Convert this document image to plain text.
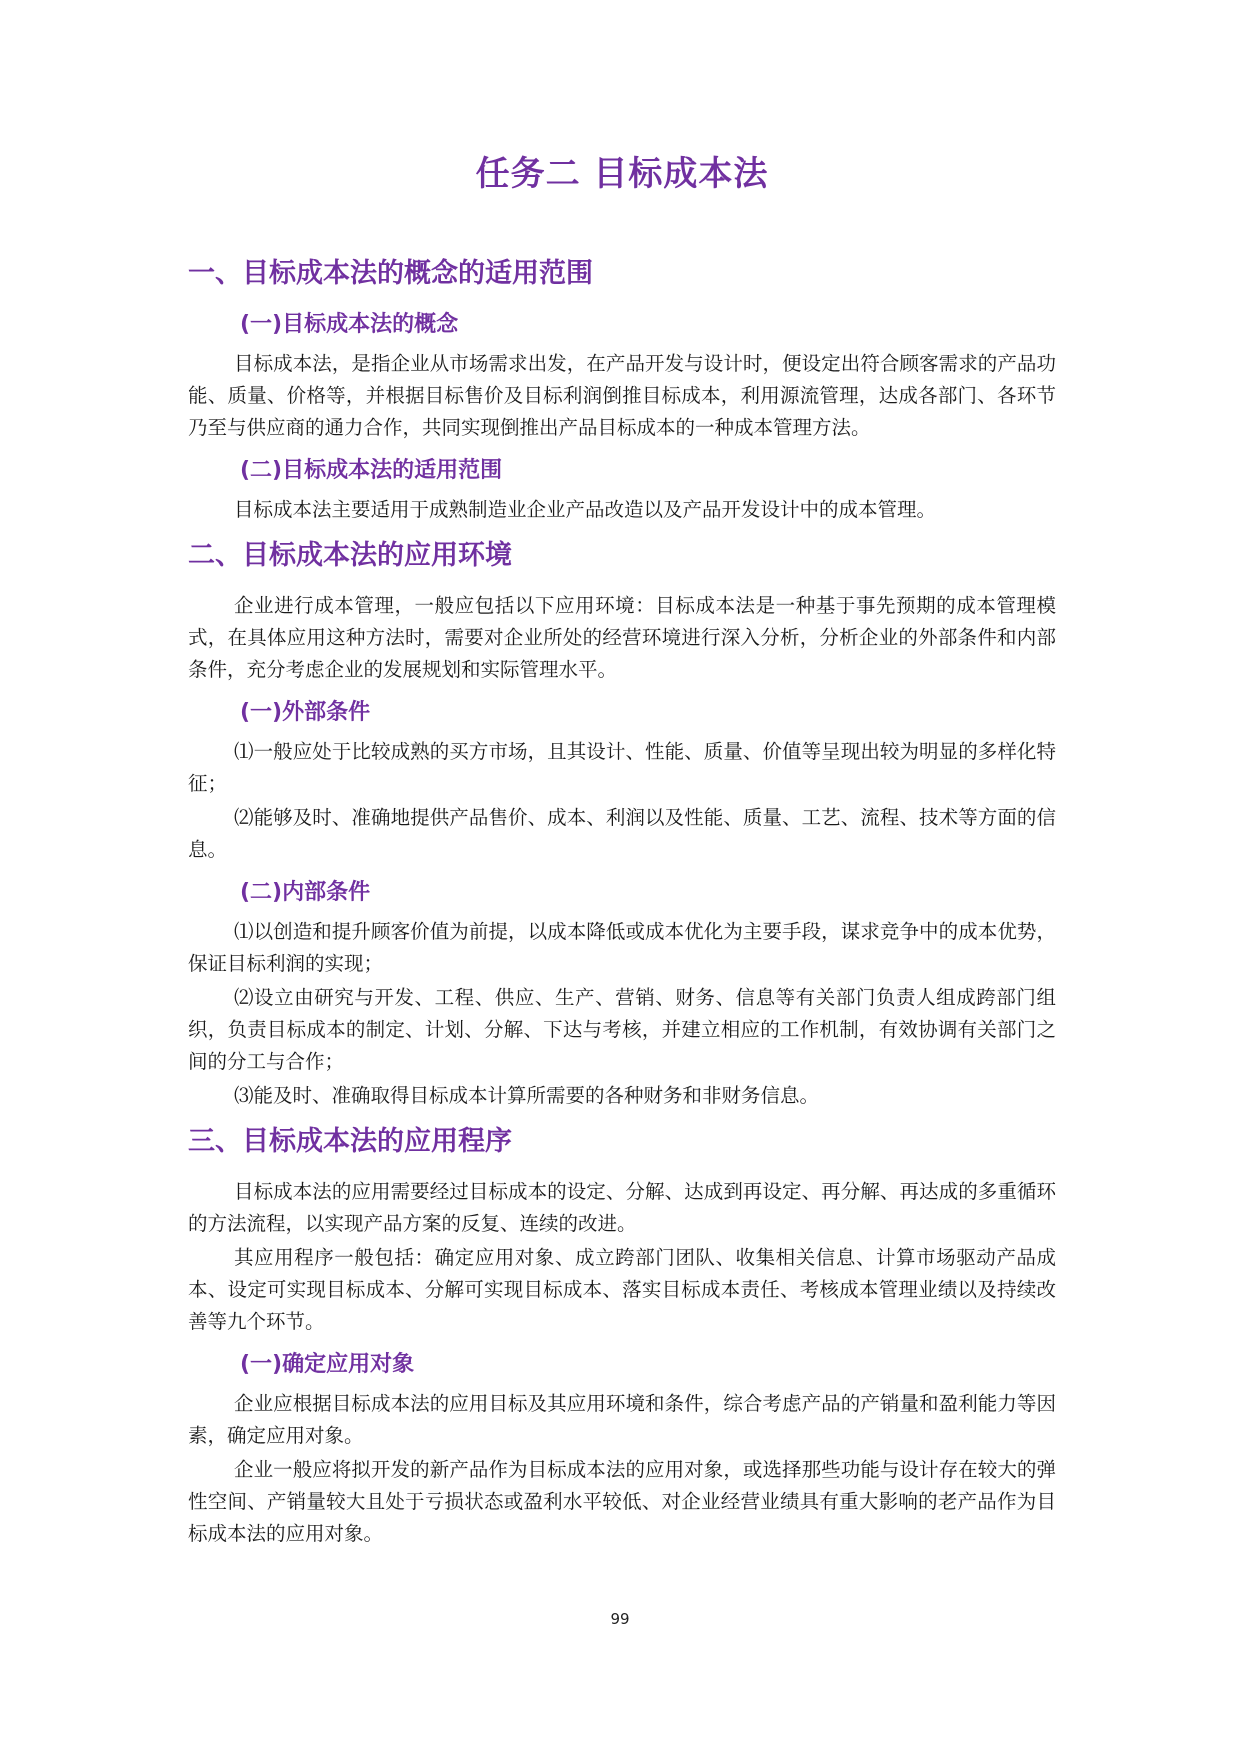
任务二 目标成本法
一、目标成本法的概念的适用范围
(一)目标成本法的概念
目标成本法，是指企业从市场需求出发，在产品开发与设计时，便设定出符合顾客需求的产品功能、质量、价格等，并根据目标售价及目标利润倒推目标成本，利用源流管理，达成各部门、各环节乃至与供应商的通力合作，共同实现倒推出产品目标成本的一种成本管理方法。
(二)目标成本法的适用范围
目标成本法主要适用于成熟制造业企业产品改造以及产品开发设计中的成本管理。
二、目标成本法的应用环境
企业进行成本管理，一般应包括以下应用环境：目标成本法是一种基于事先预期的成本管理模式，在具体应用这种方法时，需要对企业所处的经营环境进行深入分析，分析企业的外部条件和内部条件，充分考虑企业的发展规划和实际管理水平。
(一)外部条件
⑴一般应处于比较成熟的买方市场，且其设计、性能、质量、价值等呈现出较为明显的多样化特征；
⑵能够及时、准确地提供产品售价、成本、利润以及性能、质量、工艺、流程、技术等方面的信息。
(二)内部条件
⑴以创造和提升顾客价值为前提，以成本降低或成本优化为主要手段，谋求竞争中的成本优势，保证目标利润的实现；
⑵设立由研究与开发、工程、供应、生产、营销、财务、信息等有关部门负责人组成跨部门组织，负责目标成本的制定、计划、分解、下达与考核，并建立相应的工作机制，有效协调有关部门之间的分工与合作；
⑶能及时、准确取得目标成本计算所需要的各种财务和非财务信息。
三、目标成本法的应用程序
目标成本法的应用需要经过目标成本的设定、分解、达成到再设定、再分解、再达成的多重循环的方法流程，以实现产品方案的反复、连续的改进。
其应用程序一般包括：确定应用对象、成立跨部门团队、收集相关信息、计算市场驱动产品成本、设定可实现目标成本、分解可实现目标成本、落实目标成本责任、考核成本管理业绩以及持续改善等九个环节。
(一)确定应用对象
企业应根据目标成本法的应用目标及其应用环境和条件，综合考虑产品的产销量和盈利能力等因素，确定应用对象。
企业一般应将拟开发的新产品作为目标成本法的应用对象，或选择那些功能与设计存在较大的弹性空间、产销量较大且处于亏损状态或盈利水平较低、对企业经营业绩具有重大影响的老产品作为目标成本法的应用对象。
99
